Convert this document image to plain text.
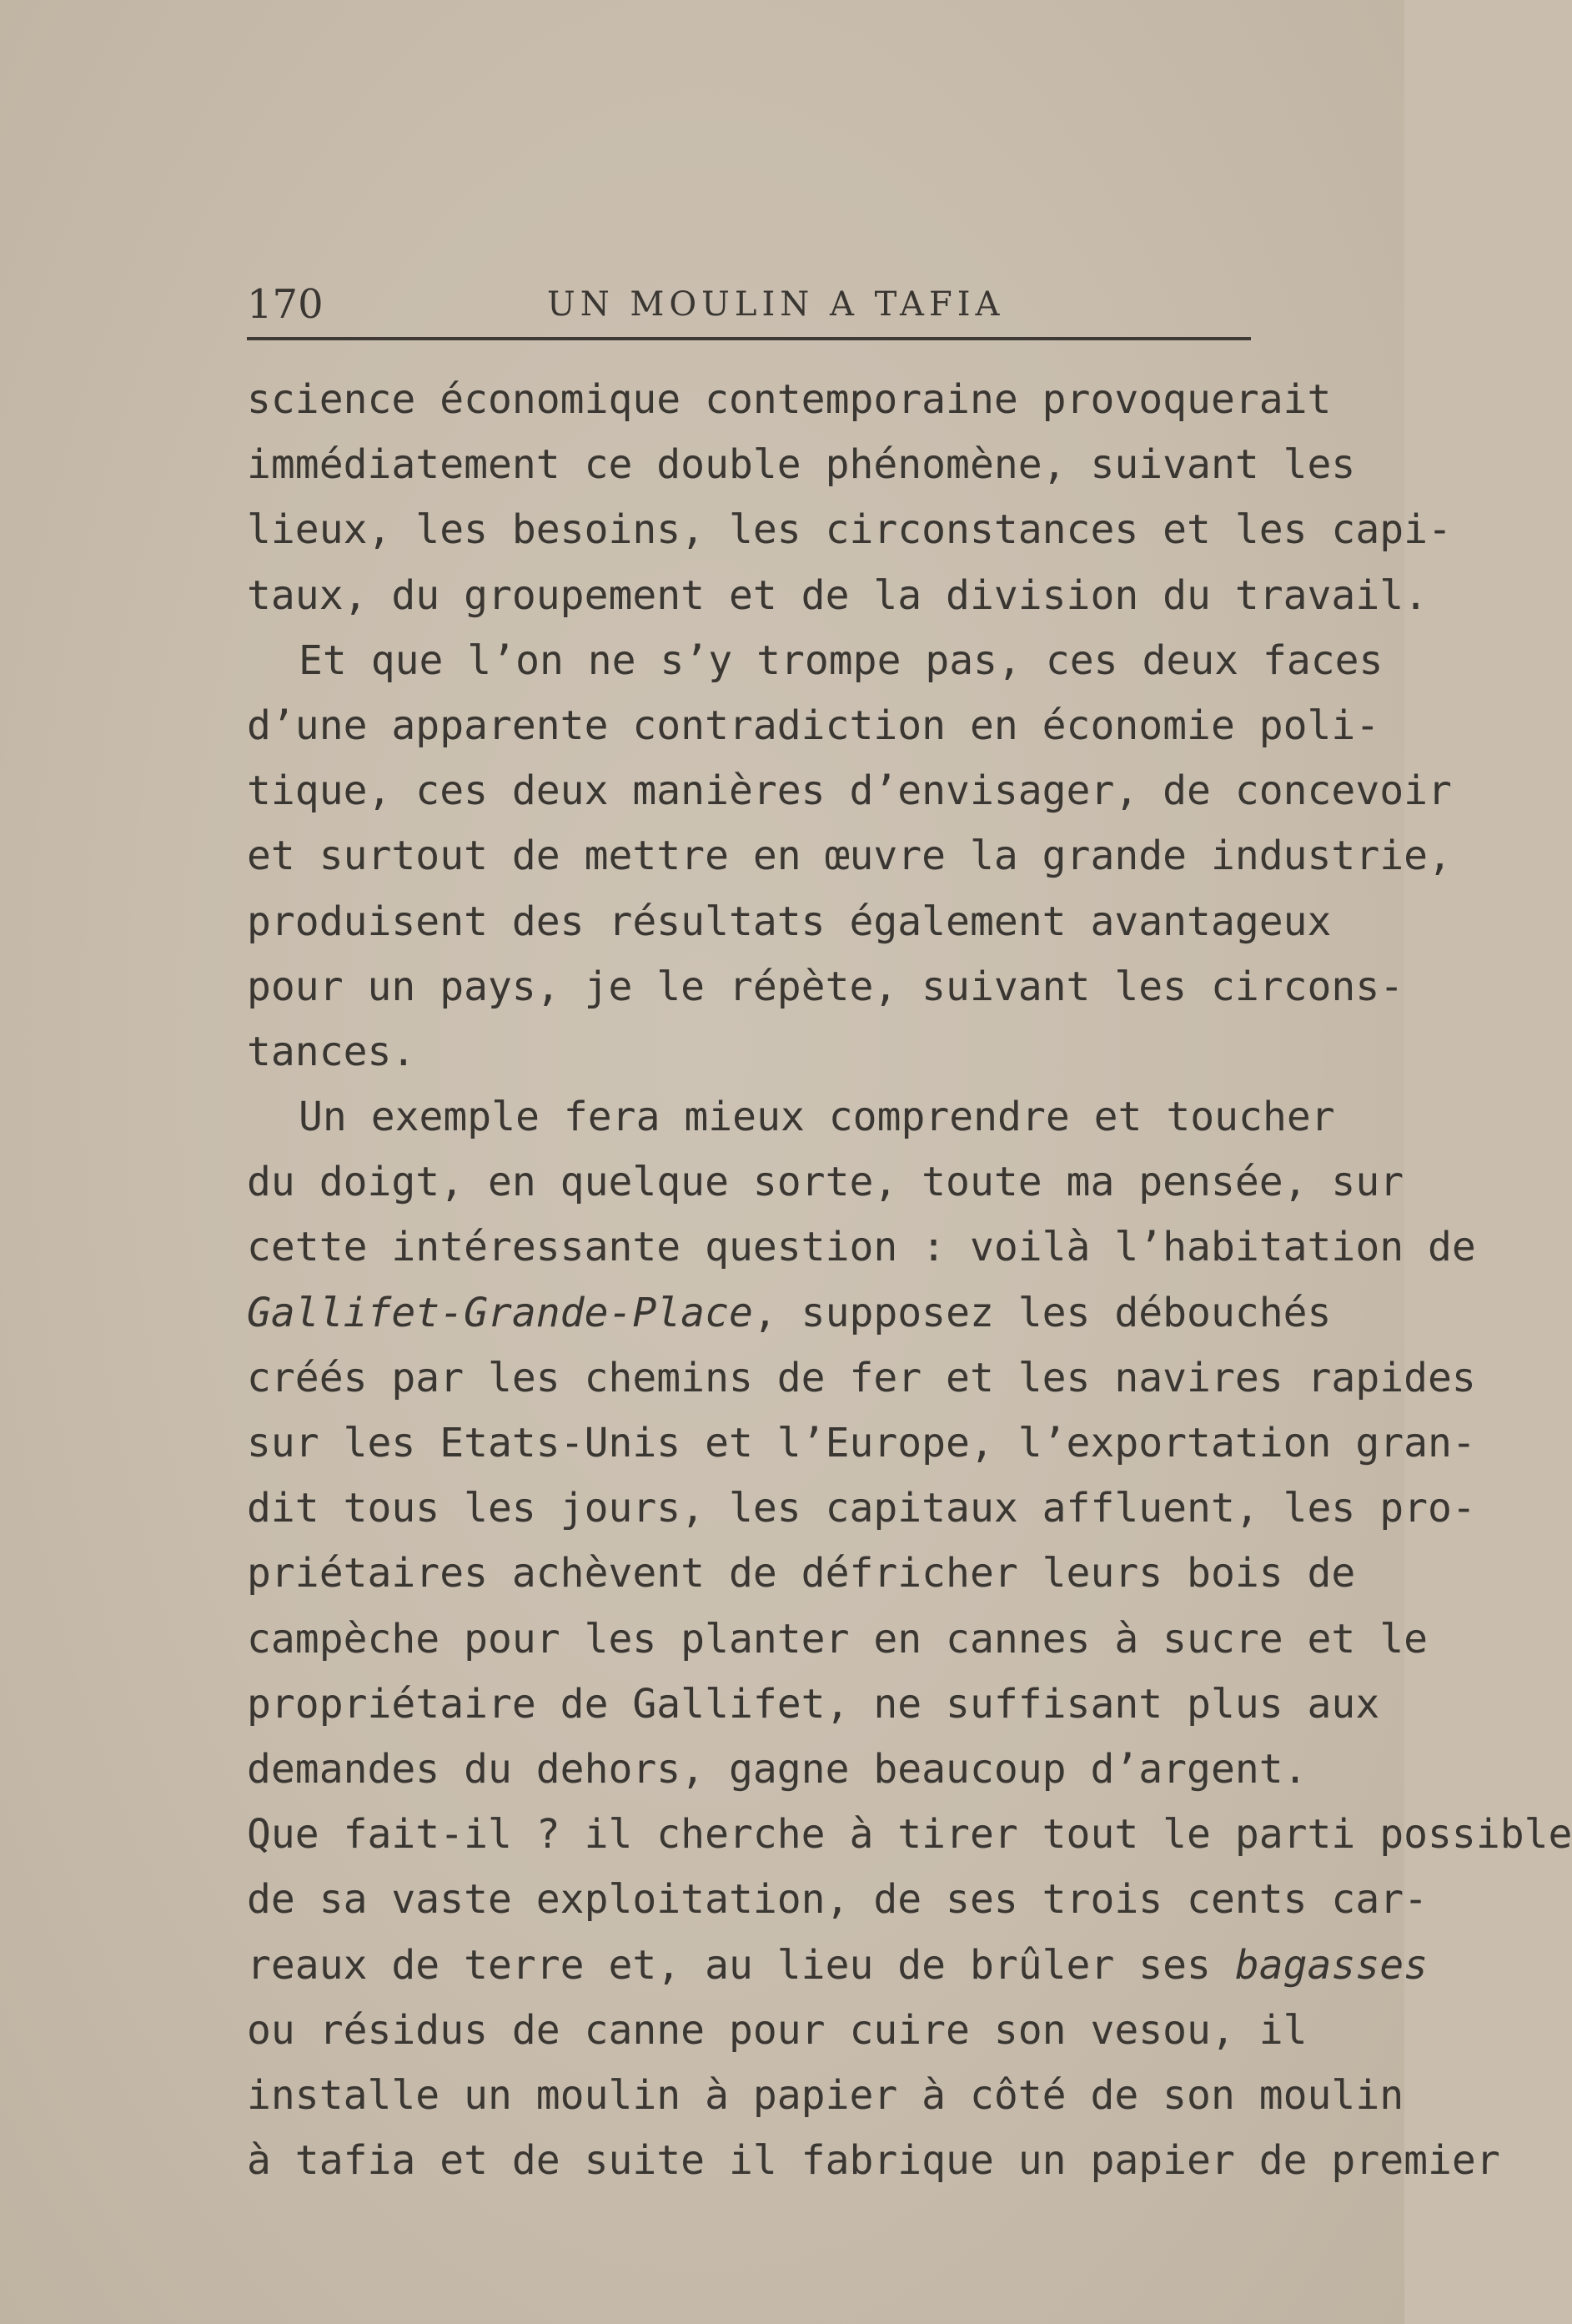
170	UN MOULIN A TAFIA
science économique contemporaine provoquerait
immédiatement ce double phénomène, suivant les
lieux, les besoins, les circonstances et les capi-
taux, du groupement et de la division du travail.
Et que l’on ne s’y trompe pas, ces deux faces
d’une apparente contradiction en économie poli-
tique, ces deux manières d’envisager, de concevoir
et surtout de mettre en œuvre la grande industrie,
produisent des résultats également avantageux
pour un pays, je le répète, suivant les circons-
tances.
Un exemple fera mieux comprendre et toucher
du doigt, en quelque sorte, toute ma pensée, sur
cette intéressante question : voilà l’habitation de
Gallifet-Grande-Place, supposez les débouchés
créés par les chemins de fer et les navires rapides
sur les Etats-Unis et l’Europe, l’exportation gran-
dit tous les jours, les capitaux affluent, les pro-
priétaires achèvent de défricher leurs bois de
campèche pour les planter en cannes à sucre et le
propriétaire de Gallifet, ne suffisant plus aux
demandes du dehors, gagne beaucoup d’argent.
Que fait-il ? il cherche à tirer tout le parti possible
de sa vaste exploitation, de ses trois cents car-
reaux de terre et, au lieu de brûler ses bagasses
ou résidus de canne pour cuire son vesou, il
installe un moulin à papier à côté de son moulin
à tafia et de suite il fabrique un papier de premier
